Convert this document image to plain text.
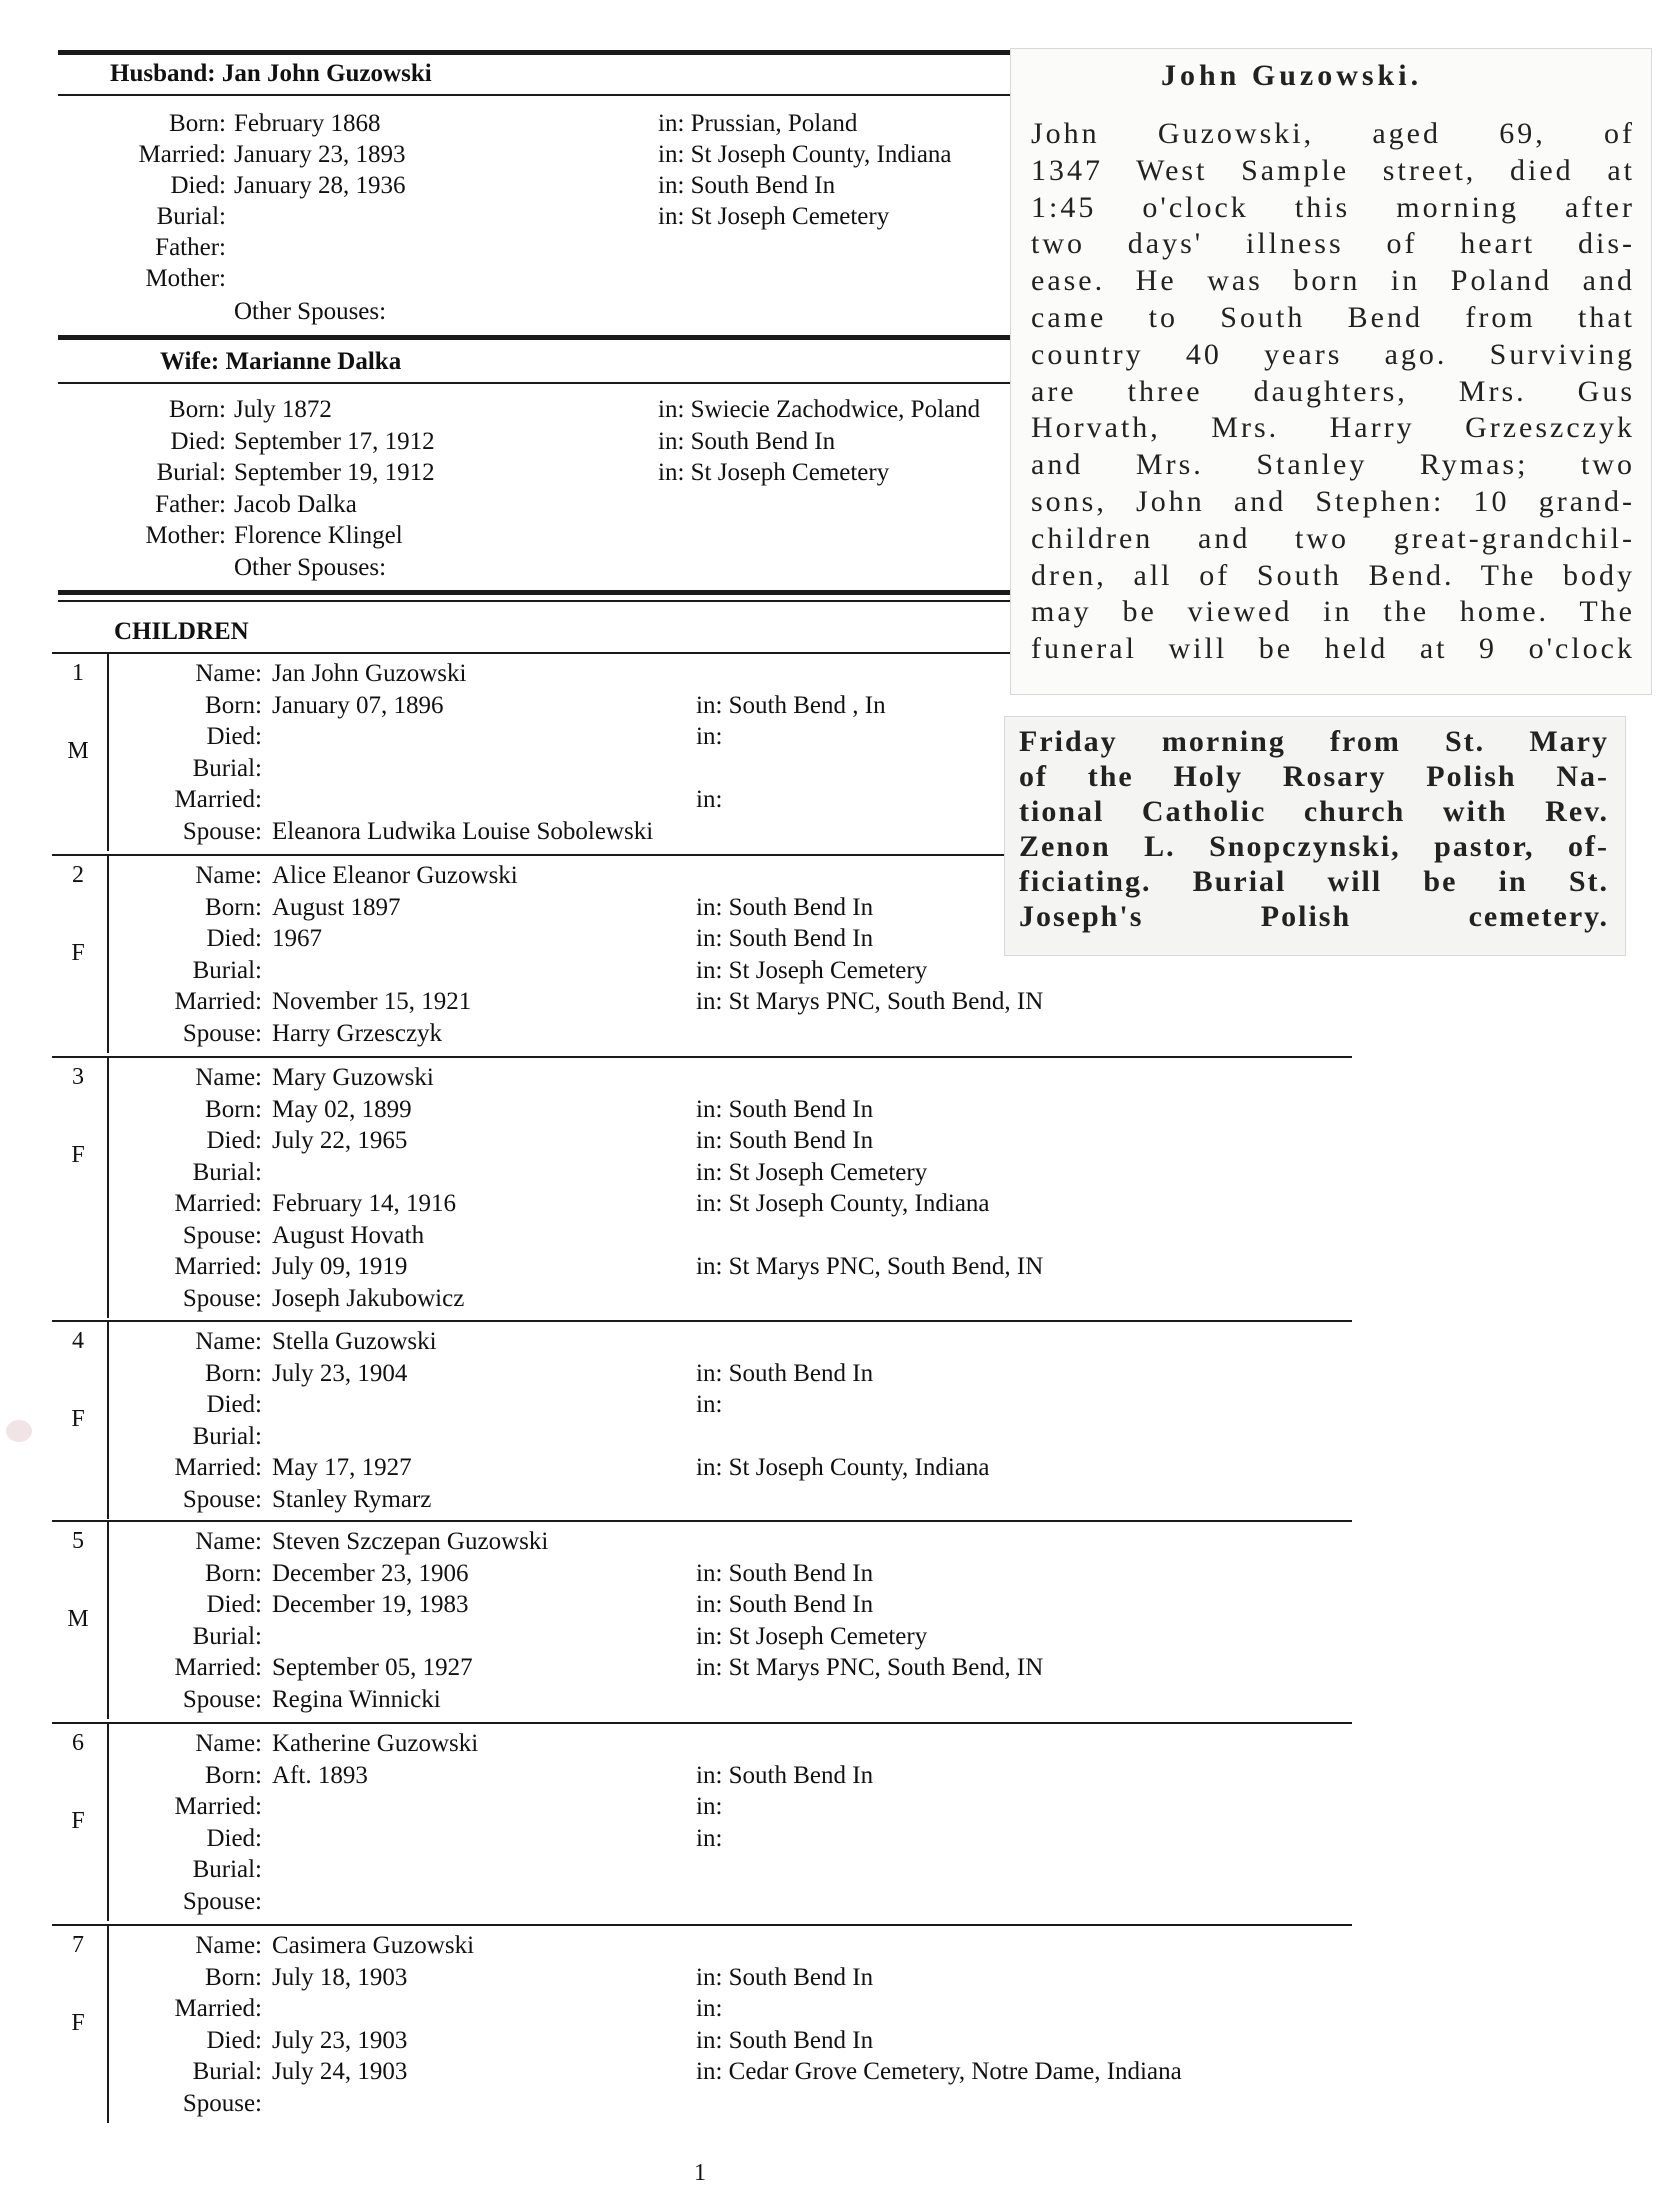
Husband: Jan John Guzowski
Born: February 1868	in: Prussian, Poland
Married: January 23, 1893	in: St Joseph County, Indiana
Died: January 28, 1936	in: South Bend In
Burial:	in: St Joseph Cemetery
Father:
Mother:
Other Spouses:
Wife: Marianne Dalka
Born: July 1872	in: Swiecie Zachodwice, Poland
Died: September 17, 1912	in: South Bend In
Burial: September 19, 1912	in: St Joseph Cemetery
Father: Jacob Dalka
Mother: Florence Klingel
Other Spouses:
CHILDREN
1
M
Name: Jan John Guzowski
Born: January 07, 1896	in: South Bend , In
Died:	in:
Burial:
Married:	in:
Spouse: Eleanora Ludwika Louise Sobolewski
2
F
Name: Alice Eleanor Guzowski
Born: August 1897	in: South Bend In
Died: 1967	in: South Bend In
Burial:	in: St Joseph Cemetery
Married: November 15, 1921	in: St Marys PNC, South Bend, IN
Spouse: Harry Grzesczyk
3
F
Name: Mary Guzowski
Born: May 02, 1899	in: South Bend In
Died: July 22, 1965	in: South Bend In
Burial:	in: St Joseph Cemetery
Married: February 14, 1916	in: St Joseph County, Indiana
Spouse: August Hovath
Married: July 09, 1919	in: St Marys PNC, South Bend, IN
Spouse: Joseph Jakubowicz
4
F
Name: Stella Guzowski
Born: July 23, 1904	in: South Bend In
Died:	in:
Burial:
Married: May 17, 1927	in: St Joseph County, Indiana
Spouse: Stanley Rymarz
5
M
Name: Steven Szczepan Guzowski
Born: December 23, 1906	in: South Bend In
Died: December 19, 1983	in: South Bend In
Burial:	in: St Joseph Cemetery
Married: September 05, 1927	in: St Marys PNC, South Bend, IN
Spouse: Regina Winnicki
6
F
Name: Katherine Guzowski
Born: Aft. 1893	in: South Bend In
Married:	in:
Died:	in:
Burial:
Spouse:
7
F
Name: Casimera Guzowski
Born: July 18, 1903	in: South Bend In
Married:	in:
Died: July 23, 1903	in: South Bend In
Burial: July 24, 1903	in: Cedar Grove Cemetery, Notre Dame, Indiana
Spouse:
John Guzowski.
John Guzowski, aged 69, of
1347 West Sample street, died at
1:45 o'clock this morning after
two days' illness of heart dis-
ease. He was born in Poland and
came to South Bend from that
country 40 years ago. Surviving
are three daughters, Mrs. Gus
Horvath, Mrs. Harry Grzeszczyk
and Mrs. Stanley Rymas; two
sons, John and Stephen: 10 grand-
children and two great-grandchil-
dren, all of South Bend. The body
may be viewed in the home. The
funeral will be held at 9 o'clock
Friday morning from St. Mary
of the Holy Rosary Polish Na-
tional Catholic church with Rev.
Zenon L. Snopczynski, pastor, of-
ficiating. Burial will be in St.
Joseph's Polish cemetery.
1
